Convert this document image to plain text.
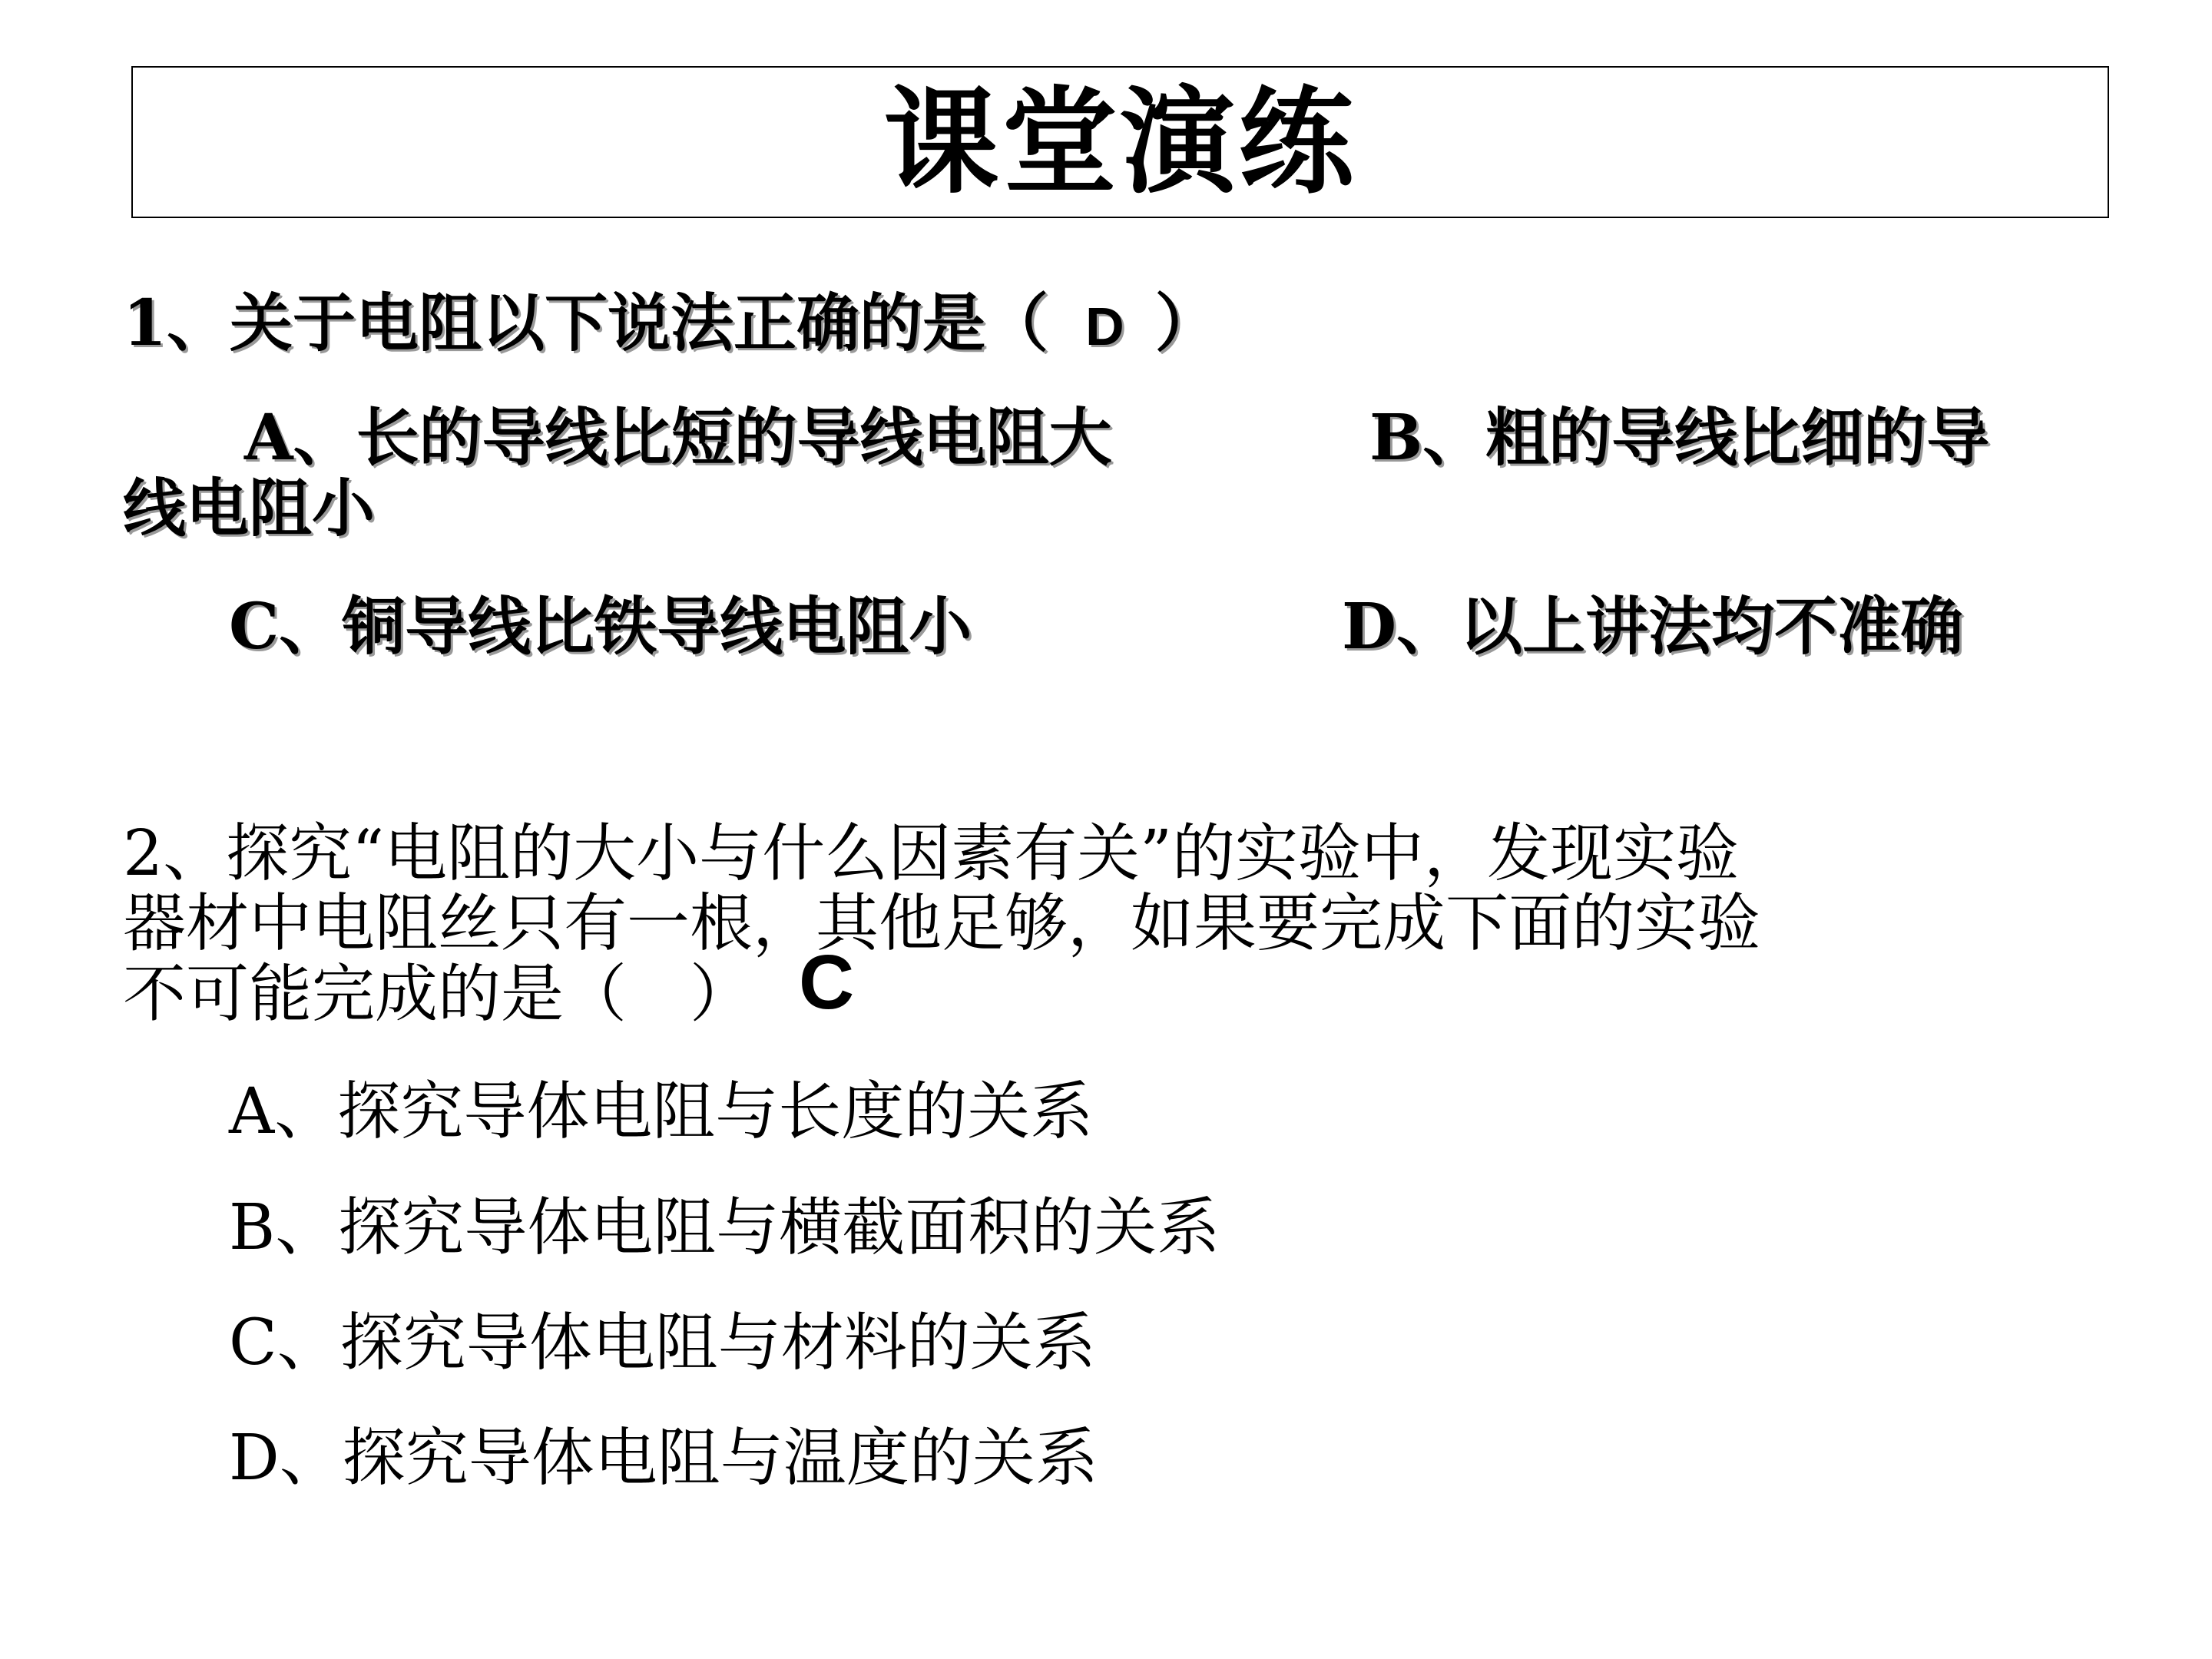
课堂演练
1、关于电阻以下说法正确的是（ D ）
A、长的导线比短的导线电阻大	B、粗的导线比细的导
线电阻小
C、铜导线比铁导线电阻小	D、以上讲法均不准确
2、探究“电阻的大小与什么因素有关”的实验中，发现实验
器材中电阻丝只有一根，其他足够，如果要完成下面的实验
不可能完成的是（　） C
A、探究导体电阻与长度的关系
B、探究导体电阻与横截面积的关系
C、探究导体电阻与材料的关系
D、探究导体电阻与温度的关系
